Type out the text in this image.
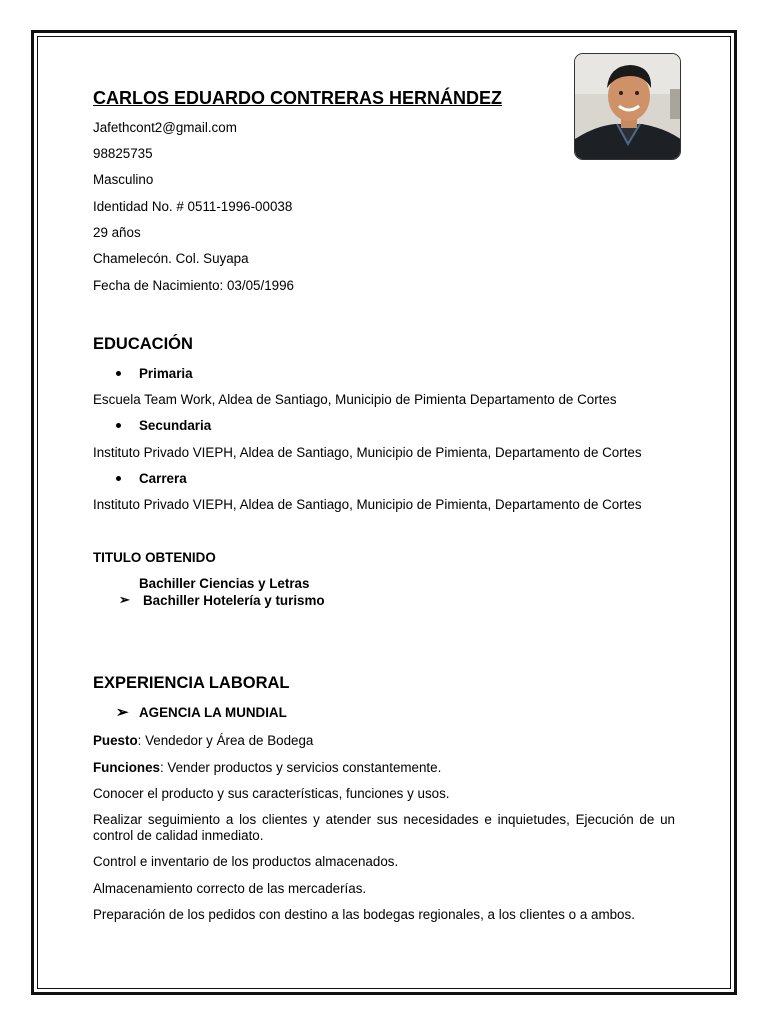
CARLOS EDUARDO CONTRERAS HERNÁNDEZ
Jafethcont2@gmail.com
98825735
Masculino
Identidad No. # 0511-1996-00038
29 años
Chamelecón. Col. Suyapa
Fecha de Nacimiento: 03/05/1996
EDUCACIÓN
Primaria
Escuela Team Work, Aldea de Santiago, Municipio de Pimienta Departamento de Cortes
Secundaria
Instituto Privado VIEPH, Aldea de Santiago, Municipio de Pimienta, Departamento de Cortes
Carrera
Instituto Privado VIEPH, Aldea de Santiago, Municipio de Pimienta, Departamento de Cortes
TITULO OBTENIDO
Bachiller Ciencias y Letras
➢ Bachiller Hotelería y turismo
EXPERIENCIA LABORAL
➢ AGENCIA LA MUNDIAL
Puesto: Vendedor y Área de Bodega
Funciones: Vender productos y servicios constantemente.
Conocer el producto y sus características, funciones y usos.
Realizar seguimiento a los clientes y atender sus necesidades e inquietudes, Ejecución de un control de calidad inmediato.
Control e inventario de los productos almacenados.
Almacenamiento correcto de las mercaderías.
Preparación de los pedidos con destino a las bodegas regionales, a los clientes o a ambos.
